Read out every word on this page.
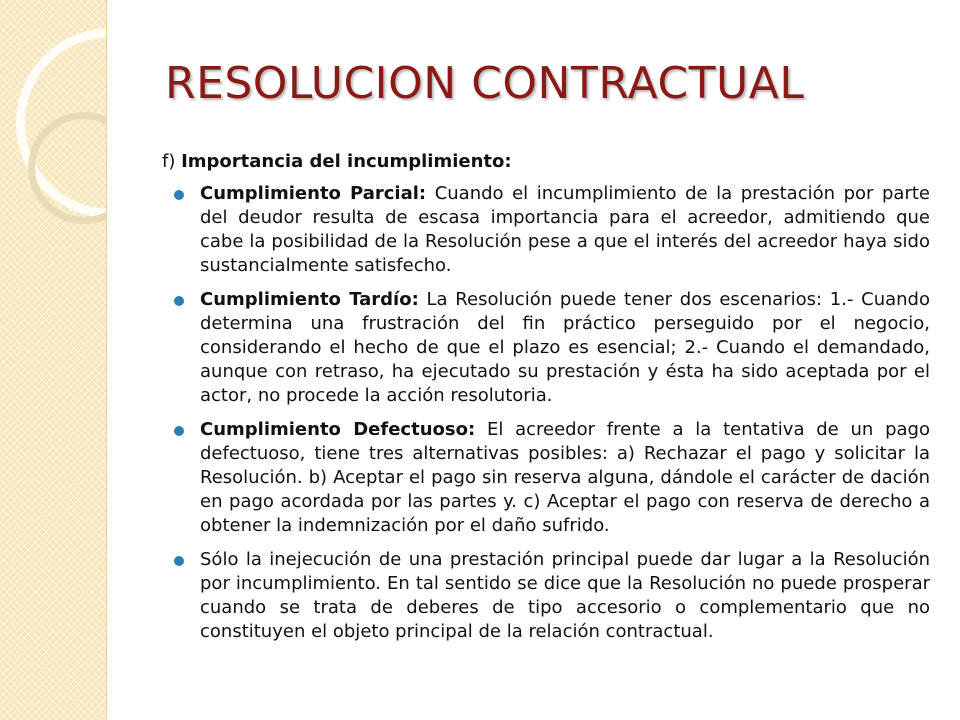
RESOLUCION CONTRACTUAL

f) Importancia del incumplimiento:

Cumplimiento Parcial: Cuando el incumplimiento de la prestación por parte del deudor resulta de escasa importancia para el acreedor, admitiendo que cabe la posibilidad de la Resolución pese a que el interés del acreedor haya sido sustancialmente satisfecho.
Cumplimiento Tardío: La Resolución puede tener dos escenarios: 1.- Cuando determina una frustración del fin práctico perseguido por el negocio, considerando el hecho de que el plazo es esencial; 2.- Cuando el demandado, aunque con retraso, ha ejecutado su prestación y ésta ha sido aceptada por el actor, no procede la acción resolutoria.
Cumplimiento Defectuoso: El acreedor frente a la tentativa de un pago defectuoso, tiene tres alternativas posibles: a) Rechazar el pago y solicitar la Resolución. b) Aceptar el pago sin reserva alguna, dándole el carácter de dación en pago acordada por las partes y. c) Aceptar el pago con reserva de derecho a obtener la indemnización por el daño sufrido.
Sólo la inejecución de una prestación principal puede dar lugar a la Resolución por incumplimiento. En tal sentido se dice que la Resolución no puede prosperar cuando se trata de deberes de tipo accesorio o complementario que no constituyen el objeto principal de la relación contractual.
